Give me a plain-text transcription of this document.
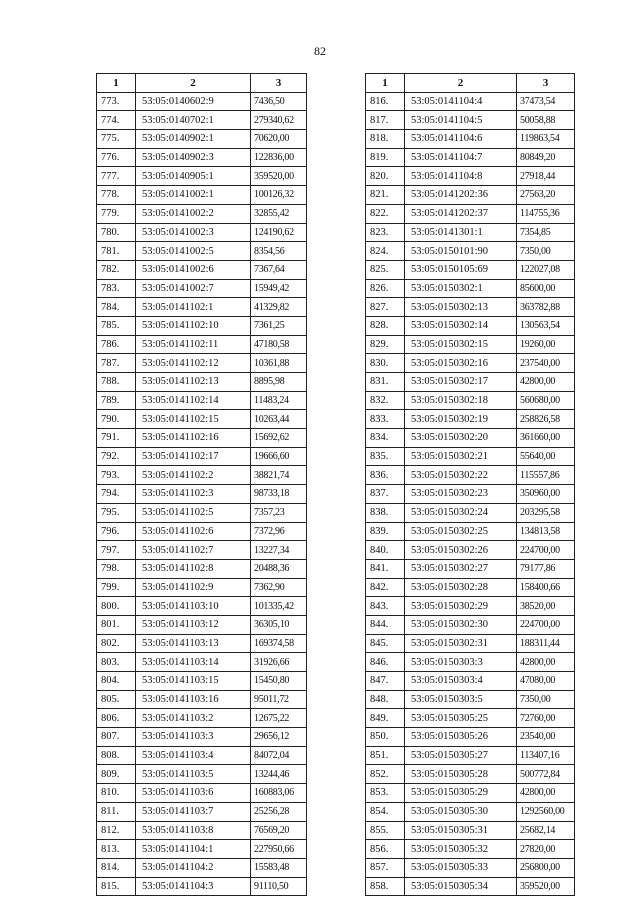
82
1	2	3
773.	53:05:0140602:9	7436,50
774.	53:05:0140702:1	279340,62
775.	53:05:0140902:1	70620,00
776.	53:05:0140902:3	122836,00
777.	53:05:0140905:1	359520,00
778.	53:05:0141002:1	100126,32
779.	53:05:0141002:2	32855,42
780.	53:05:0141002:3	124190,62
781.	53:05:0141002:5	8354,56
782.	53:05:0141002:6	7367,64
783.	53:05:0141002:7	15949,42
784.	53:05:0141102:1	41329,82
785.	53:05:0141102:10	7361,25
786.	53:05:0141102:11	47180,58
787.	53:05:0141102:12	10361,88
788.	53:05:0141102:13	8895,98
789.	53:05:0141102:14	11483,24
790.	53:05:0141102:15	10263,44
791.	53:05:0141102:16	15692,62
792.	53:05:0141102:17	19666,60
793.	53:05:0141102:2	38821,74
794.	53:05:0141102:3	98733,18
795.	53:05:0141102:5	7357,23
796.	53:05:0141102:6	7372,96
797.	53:05:0141102:7	13227,34
798.	53:05:0141102:8	20488,36
799.	53:05:0141102:9	7362,90
800.	53:05:0141103:10	101335,42
801.	53:05:0141103:12	36305,10
802.	53:05:0141103:13	169374,58
803.	53:05:0141103:14	31926,66
804.	53:05:0141103:15	15450,80
805.	53:05:0141103:16	95011,72
806.	53:05:0141103:2	12675,22
807.	53:05:0141103:3	29656,12
808.	53:05:0141103:4	84072,04
809.	53:05:0141103:5	13244,46
810.	53:05:0141103:6	160883,06
811.	53:05:0141103:7	25256,28
812.	53:05:0141103:8	76569,20
813.	53:05:0141104:1	227950,66
814.	53:05:0141104:2	15583,48
815.	53:05:0141104:3	91110,50
1	2	3
816.	53:05:0141104:4	37473,54
817.	53:05:0141104:5	50058,88
818.	53:05:0141104:6	119863,54
819.	53:05:0141104:7	80849,20
820.	53:05:0141104:8	27918,44
821.	53:05:0141202:36	27563,20
822.	53:05:0141202:37	114755,36
823.	53:05:0141301:1	7354,85
824.	53:05:0150101:90	7350,00
825.	53:05:0150105:69	122027,08
826.	53:05:0150302:1	85600,00
827.	53:05:0150302:13	363782,88
828.	53:05:0150302:14	130563,54
829.	53:05:0150302:15	19260,00
830.	53:05:0150302:16	237540,00
831.	53:05:0150302:17	42800,00
832.	53:05:0150302:18	560680,00
833.	53:05:0150302:19	258826,58
834.	53:05:0150302:20	361660,00
835.	53:05:0150302:21	55640,00
836.	53:05:0150302:22	115557,86
837.	53:05:0150302:23	350960,00
838.	53:05:0150302:24	203295,58
839.	53:05:0150302:25	134813,58
840.	53:05:0150302:26	224700,00
841.	53:05:0150302:27	79177,86
842.	53:05:0150302:28	158400,66
843.	53:05:0150302:29	38520,00
844.	53:05:0150302:30	224700,00
845.	53:05:0150302:31	188311,44
846.	53:05:0150303:3	42800,00
847.	53:05:0150303:4	47080,00
848.	53:05:0150303:5	7350,00
849.	53:05:0150305:25	72760,00
850.	53:05:0150305:26	23540,00
851.	53:05:0150305:27	113407,16
852.	53:05:0150305:28	500772,84
853.	53:05:0150305:29	42800,00
854.	53:05:0150305:30	1292560,00
855.	53:05:0150305:31	25682,14
856.	53:05:0150305:32	27820,00
857.	53:05:0150305:33	256800,00
858.	53:05:0150305:34	359520,00
